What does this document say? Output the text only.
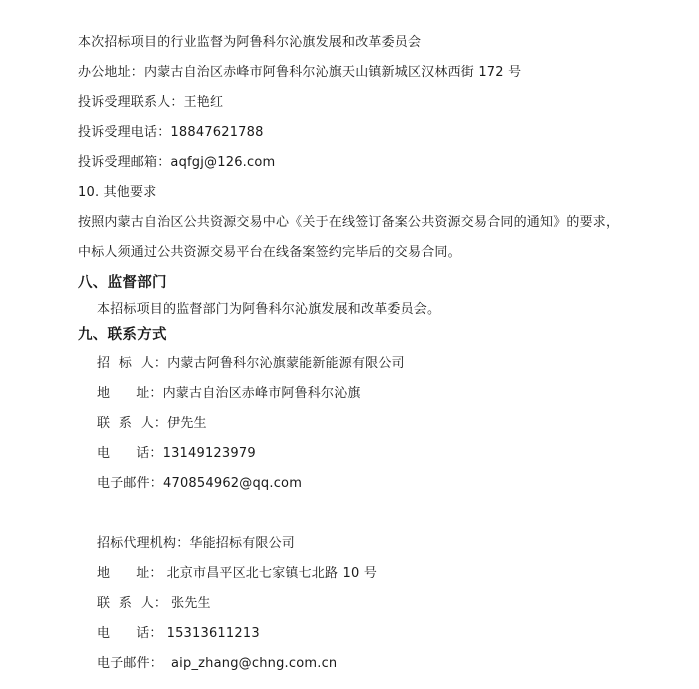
本次招标项目的行业监督为阿鲁科尔沁旗发展和改革委员会
办公地址：内蒙古自治区赤峰市阿鲁科尔沁旗天山镇新城区汉林西街 172 号
投诉受理联系人：王艳红
投诉受理电话：18847621788
投诉受理邮箱：aqfgj@126.com
10. 其他要求
按照内蒙古自治区公共资源交易中心《关于在线签订备案公共资源交易合同的通知》的要求，
中标人须通过公共资源交易平台在线备案签约完毕后的交易合同。
八、监督部门
本招标项目的监督部门为阿鲁科尔沁旗发展和改革委员会。
九、联系方式
招  标  人：内蒙古阿鲁科尔沁旗蒙能新能源有限公司
地      址：内蒙古自治区赤峰市阿鲁科尔沁旗
联  系  人：伊先生
电      话：13149123979
电子邮件：470854962@qq.com
招标代理机构：华能招标有限公司
地      址： 北京市昌平区北七家镇七北路 10 号
联  系  人： 张先生
电      话： 15313611213
电子邮件： aip_zhang@chng.com.cn
